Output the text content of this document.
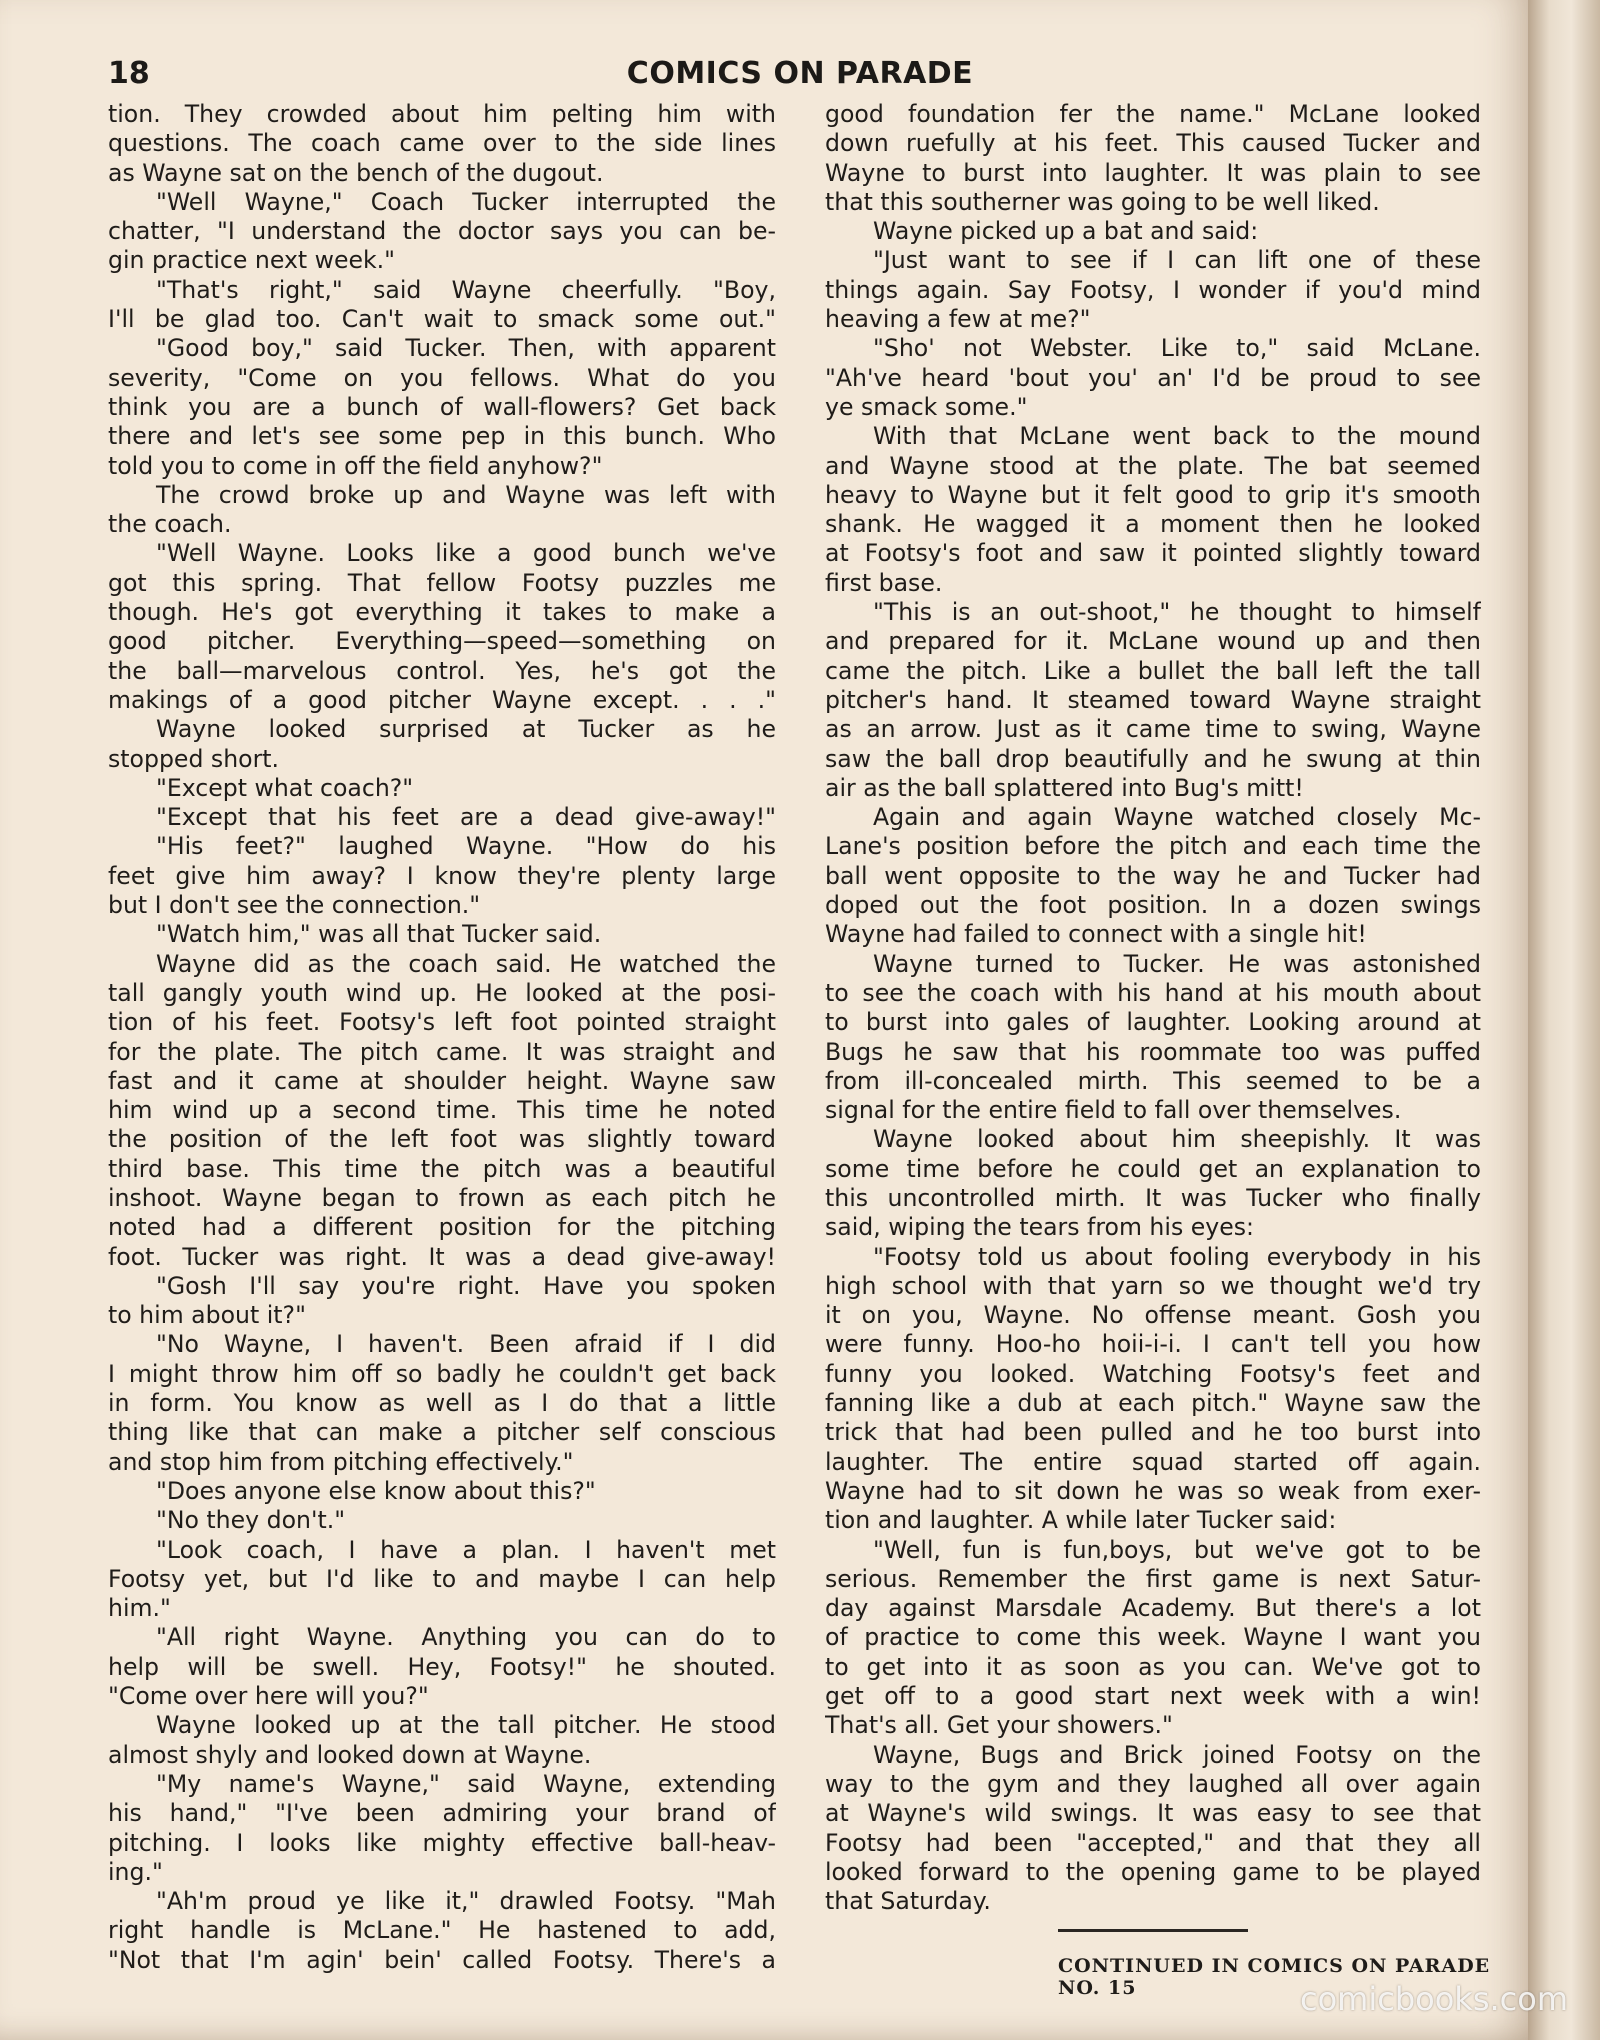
18	COMICS ON PARADE
tion. They crowded about him pelting him with
questions. The coach came over to the side lines
as Wayne sat on the bench of the dugout.
"Well Wayne," Coach Tucker interrupted the
chatter, "I understand the doctor says you can be-
gin practice next week."
"That's right," said Wayne cheerfully. "Boy,
I'll be glad too. Can't wait to smack some out."
"Good boy," said Tucker. Then, with apparent
severity, "Come on you fellows. What do you
think you are a bunch of wall-flowers? Get back
there and let's see some pep in this bunch. Who
told you to come in off the field anyhow?"
The crowd broke up and Wayne was left with
the coach.
"Well Wayne. Looks like a good bunch we've
got this spring. That fellow Footsy puzzles me
though. He's got everything it takes to make a
good pitcher. Everything—speed—something on
the ball—marvelous control. Yes, he's got the
makings of a good pitcher Wayne except. . . ."
Wayne looked surprised at Tucker as he
stopped short.
"Except what coach?"
"Except that his feet are a dead give-away!"
"His feet?" laughed Wayne. "How do his
feet give him away? I know they're plenty large
but I don't see the connection."
"Watch him," was all that Tucker said.
Wayne did as the coach said. He watched the
tall gangly youth wind up. He looked at the posi-
tion of his feet. Footsy's left foot pointed straight
for the plate. The pitch came. It was straight and
fast and it came at shoulder height. Wayne saw
him wind up a second time. This time he noted
the position of the left foot was slightly toward
third base. This time the pitch was a beautiful
inshoot. Wayne began to frown as each pitch he
noted had a different position for the pitching
foot. Tucker was right. It was a dead give-away!
"Gosh I'll say you're right. Have you spoken
to him about it?"
"No Wayne, I haven't. Been afraid if I did
I might throw him off so badly he couldn't get back
in form. You know as well as I do that a little
thing like that can make a pitcher self conscious
and stop him from pitching effectively."
"Does anyone else know about this?"
"No they don't."
"Look coach, I have a plan. I haven't met
Footsy yet, but I'd like to and maybe I can help
him."
"All right Wayne. Anything you can do to
help will be swell. Hey, Footsy!" he shouted.
"Come over here will you?"
Wayne looked up at the tall pitcher. He stood
almost shyly and looked down at Wayne.
"My name's Wayne," said Wayne, extending
his hand," "I've been admiring your brand of
pitching. I looks like mighty effective ball-heav-
ing."
"Ah'm proud ye like it," drawled Footsy. "Mah
right handle is McLane." He hastened to add,
"Not that I'm agin' bein' called Footsy. There's a
good foundation fer the name." McLane looked
down ruefully at his feet. This caused Tucker and
Wayne to burst into laughter. It was plain to see
that this southerner was going to be well liked.
Wayne picked up a bat and said:
"Just want to see if I can lift one of these
things again. Say Footsy, I wonder if you'd mind
heaving a few at me?"
"Sho' not Webster. Like to," said McLane.
"Ah've heard 'bout you' an' I'd be proud to see
ye smack some."
With that McLane went back to the mound
and Wayne stood at the plate. The bat seemed
heavy to Wayne but it felt good to grip it's smooth
shank. He wagged it a moment then he looked
at Footsy's foot and saw it pointed slightly toward
first base.
"This is an out-shoot," he thought to himself
and prepared for it. McLane wound up and then
came the pitch. Like a bullet the ball left the tall
pitcher's hand. It steamed toward Wayne straight
as an arrow. Just as it came time to swing, Wayne
saw the ball drop beautifully and he swung at thin
air as the ball splattered into Bug's mitt!
Again and again Wayne watched closely Mc-
Lane's position before the pitch and each time the
ball went opposite to the way he and Tucker had
doped out the foot position. In a dozen swings
Wayne had failed to connect with a single hit!
Wayne turned to Tucker. He was astonished
to see the coach with his hand at his mouth about
to burst into gales of laughter. Looking around at
Bugs he saw that his roommate too was puffed
from ill-concealed mirth. This seemed to be a
signal for the entire field to fall over themselves.
Wayne looked about him sheepishly. It was
some time before he could get an explanation to
this uncontrolled mirth. It was Tucker who finally
said, wiping the tears from his eyes:
"Footsy told us about fooling everybody in his
high school with that yarn so we thought we'd try
it on you, Wayne. No offense meant. Gosh you
were funny. Hoo-ho hoii-i-i. I can't tell you how
funny you looked. Watching Footsy's feet and
fanning like a dub at each pitch." Wayne saw the
trick that had been pulled and he too burst into
laughter. The entire squad started off again.
Wayne had to sit down he was so weak from exer-
tion and laughter. A while later Tucker said:
"Well, fun is fun,boys, but we've got to be
serious. Remember the first game is next Satur-
day against Marsdale Academy. But there's a lot
of practice to come this week. Wayne I want you
to get into it as soon as you can. We've got to
get off to a good start next week with a win!
That's all. Get your showers."
Wayne, Bugs and Brick joined Footsy on the
way to the gym and they laughed all over again
at Wayne's wild swings. It was easy to see that
Footsy had been "accepted," and that they all
looked forward to the opening game to be played
that Saturday.
CONTINUED IN COMICS ON PARADE NO. 15	comicbooks.com
